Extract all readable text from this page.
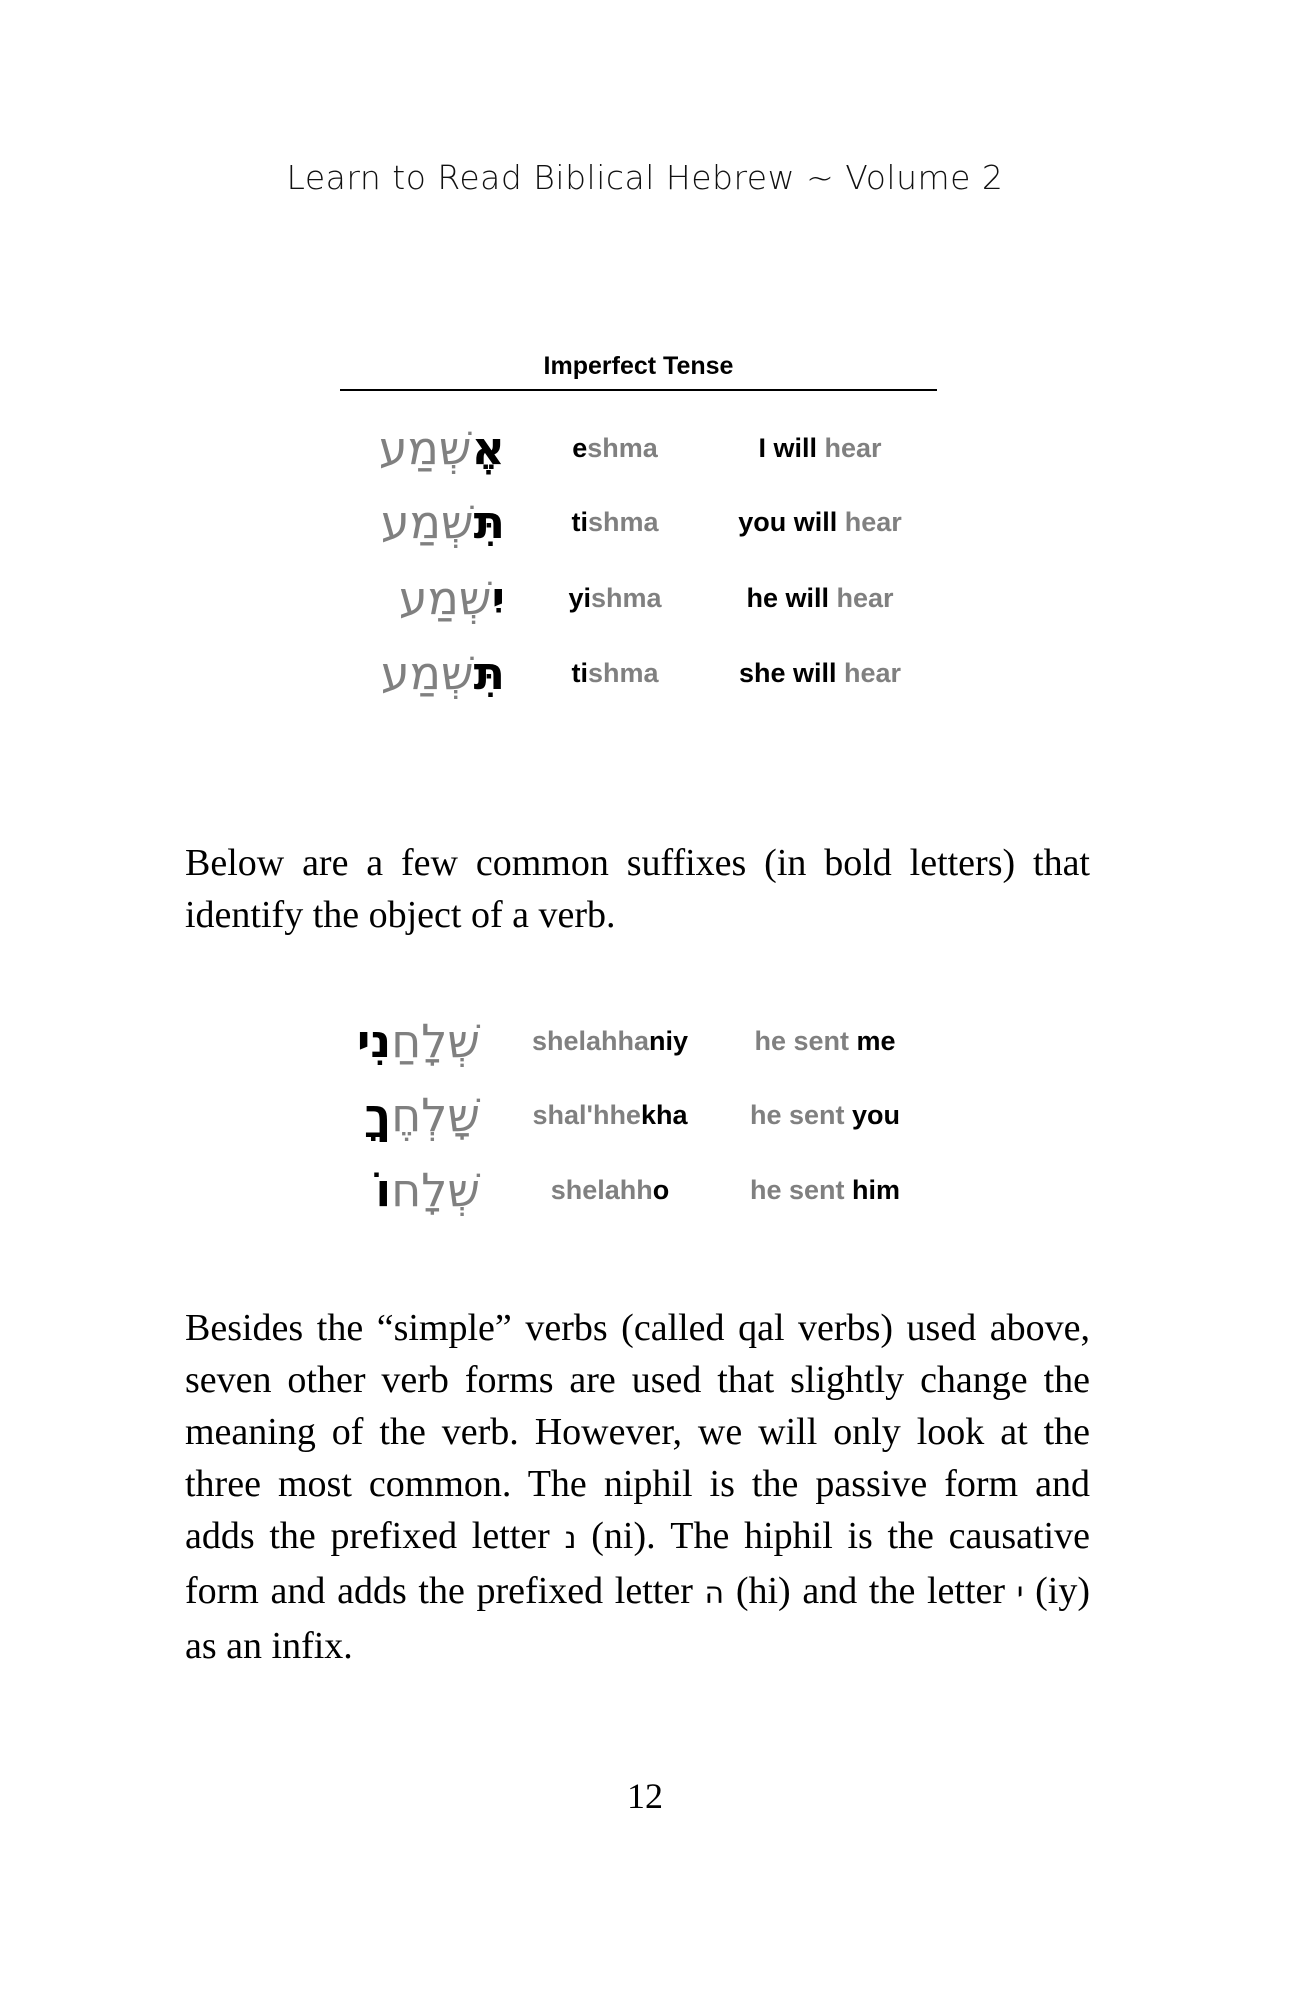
Learn to Read Biblical Hebrew ~ Volume 2
Imperfect Tense
אֶשְׁמַע	eshma	I will hear
תִּשְׁמַע	tishma	you will hear
יִשְׁמַע	yishma	he will hear
תִּשְׁמַע	tishma	she will hear
Below are a few common suffixes (in bold letters) that identify the object of a verb.
שְׁלָחַנִי	shelahhaniy	he sent me
שָׁלְחֶךָ	shal'hhekha	he sent you
שְׁלָחוֹ	shelahho	he sent him
Besides the “simple” verbs (called qal verbs) used above, seven other verb forms are used that slightly change the meaning of the verb. However, we will only look at the three most common. The niphil is the passive form and adds the prefixed letter נ (ni). The hiphil is the causative form and adds the prefixed letter ה (hi) and the letter י (iy) as an infix.
12
